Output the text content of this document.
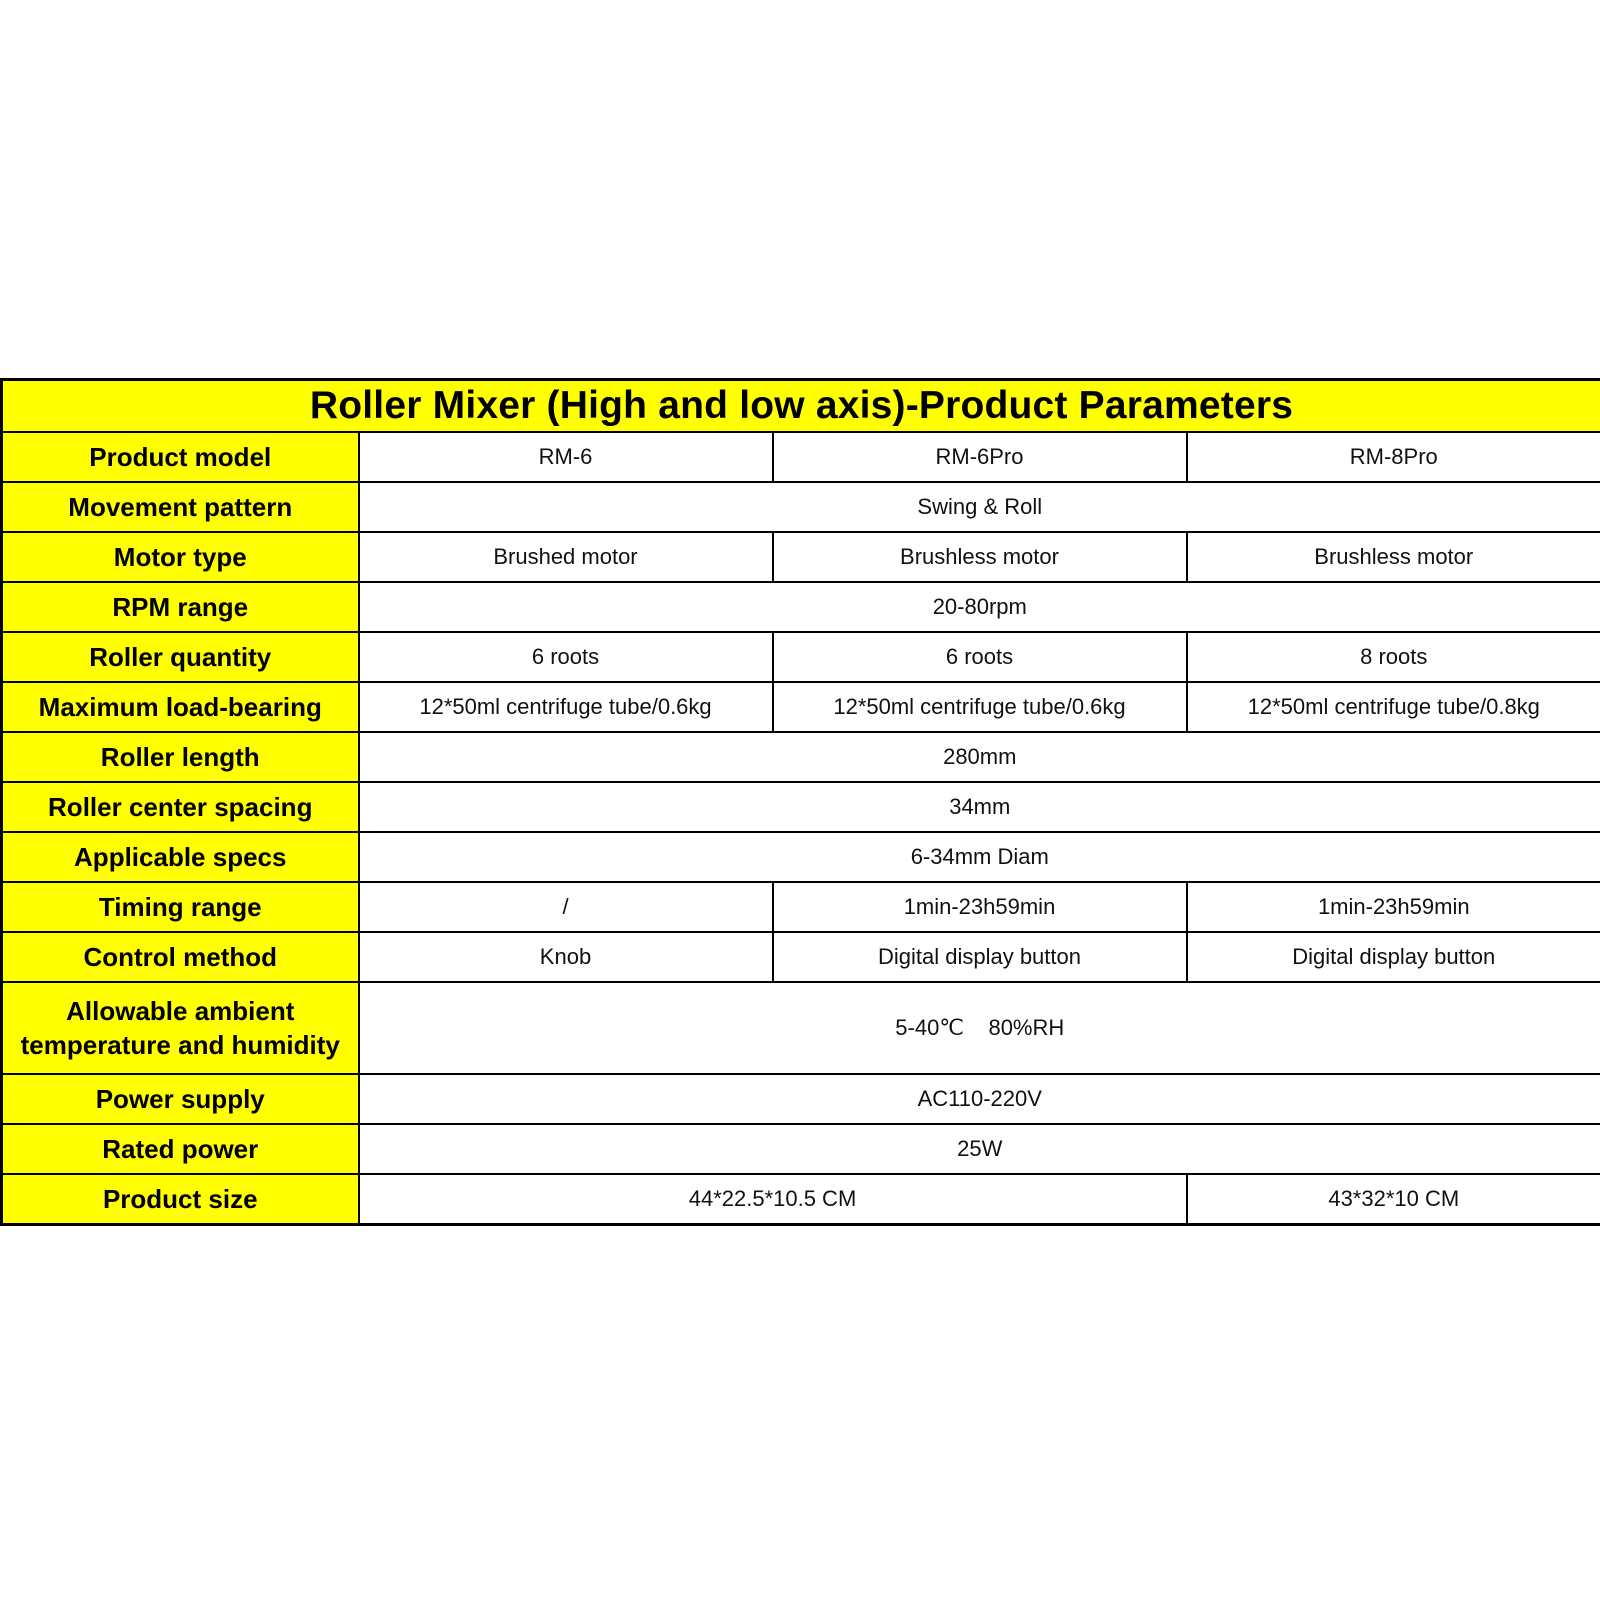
Roller Mixer (High and low axis)-Product Parameters			
Product model	RM-6	RM-6Pro	RM-8Pro
Movement pattern	Swing & Roll		
Motor type	Brushed motor	Brushless motor	Brushless motor
RPM range	20-80rpm		
Roller quantity	6 roots	6 roots	8 roots
Maximum load-bearing	12*50ml centrifuge tube/0.6kg	12*50ml centrifuge tube/0.6kg	12*50ml centrifuge tube/0.8kg
Roller length	280mm		
Roller center spacing	34mm		
Applicable specs	6-34mm Diam		
Timing range	/	1min-23h59min	1min-23h59min
Control method	Knob	Digital display button	Digital display button

Allowable ambient
temperature and humidity	5-40℃    80%RH		
Power supply	AC110-220V		
Rated power	25W		
Product size	44*22.5*10.5 CM		43*32*10 CM
